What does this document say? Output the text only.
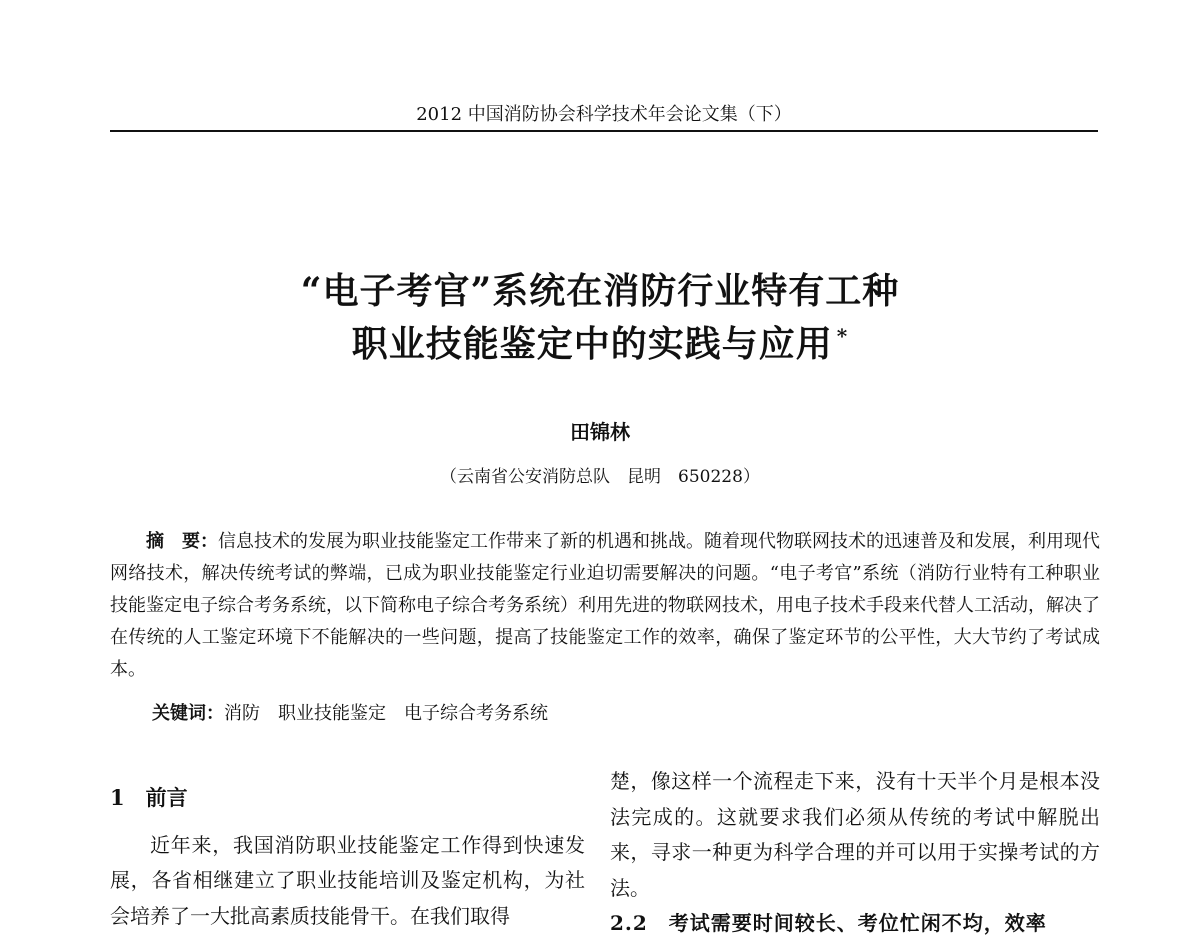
2012 中国消防协会科学技术年会论文集（下）
“电子考官”系统在消防行业特有工种
职业技能鉴定中的实践与应用 *
田锦林
（云南省公安消防总队　昆明　650228）

摘　要：信息技术的发展为职业技能鉴定工作带来了新的机遇和挑战。随着现代物联网技术的迅速普及和发展，利用现代网络技术，解决传统考试的弊端，已成为职业技能鉴定行业迫切需要解决的问题。“电子考官”系统（消防行业特有工种职业技能鉴定电子综合考务系统，以下简称电子综合考务系统）利用先进的物联网技术，用电子技术手段来代替人工活动，解决了在传统的人工鉴定环境下不能解决的一些问题，提高了技能鉴定工作的效率，确保了鉴定环节的公平性，大大节约了考试成本。

关键词：消防　职业技能鉴定　电子综合考务系统
1　前言

近年来，我国消防职业技能鉴定工作得到快速发展，各省相继建立了职业技能培训及鉴定机构，为社会培养了一大批高素质技能骨干。在我们取得

楚，像这样一个流程走下来，没有十天半个月是根本没法完成的。这就要求我们必须从传统的考试中解脱出来，寻求一种更为科学合理的并可以用于实操考试的方法。

2.2　考试需要时间较长、考位忙闲不均，效率
